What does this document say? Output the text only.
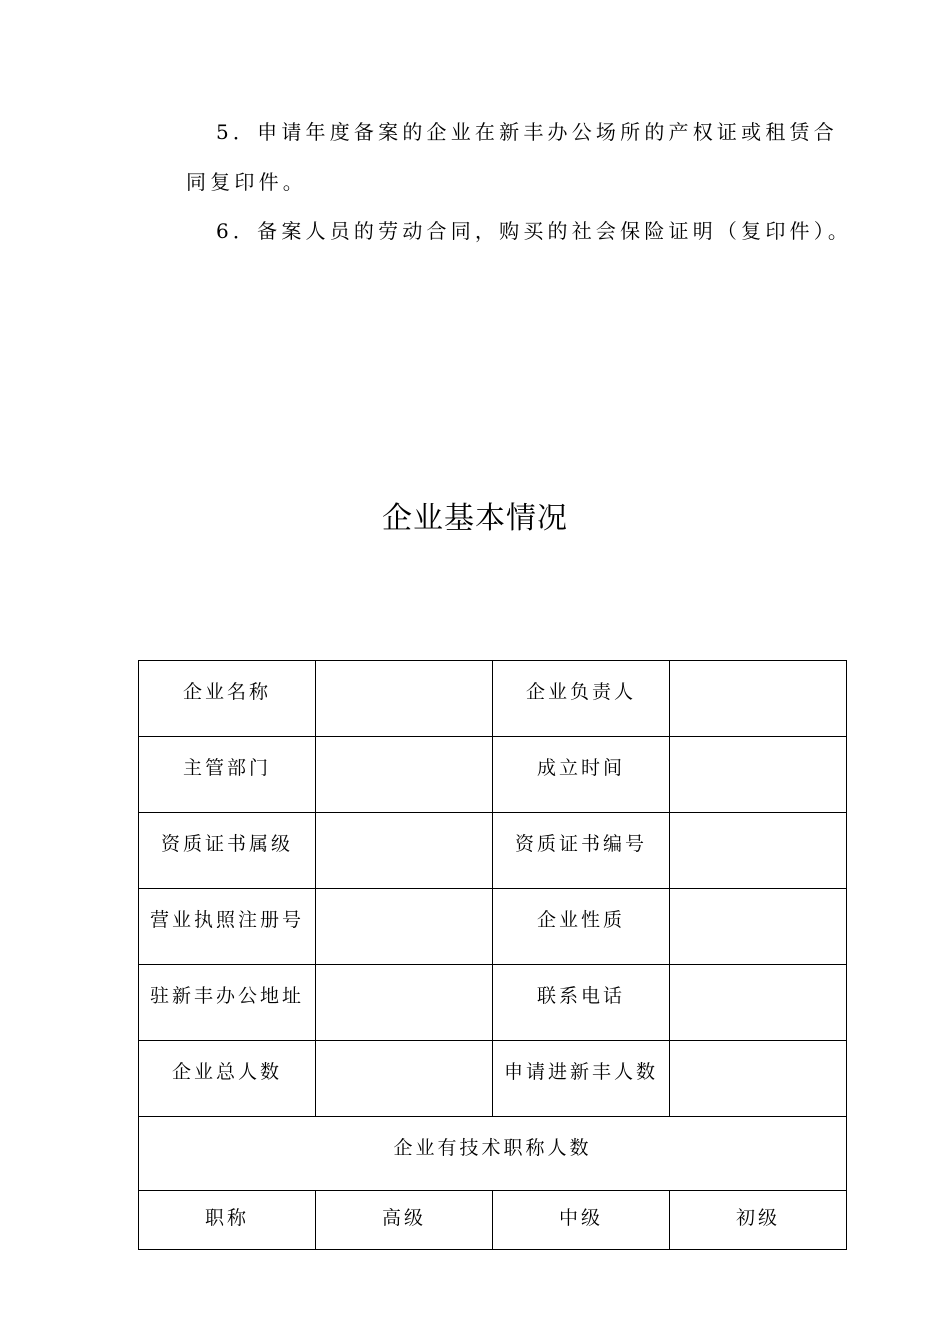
5．申请年度备案的企业在新丰办公场所的产权证或租赁合同复印件。

6．备案人员的劳动合同，购买的社会保险证明（复印件）。

企业基本情况
企业名称		企业负责人	
主管部门		成立时间	
资质证书属级		资质证书编号	
营业执照注册号		企业性质	
驻新丰办公地址		联系电话	
企业总人数		申请进新丰人数	
企业有技术职称人数			
职称	高级	中级	初级
